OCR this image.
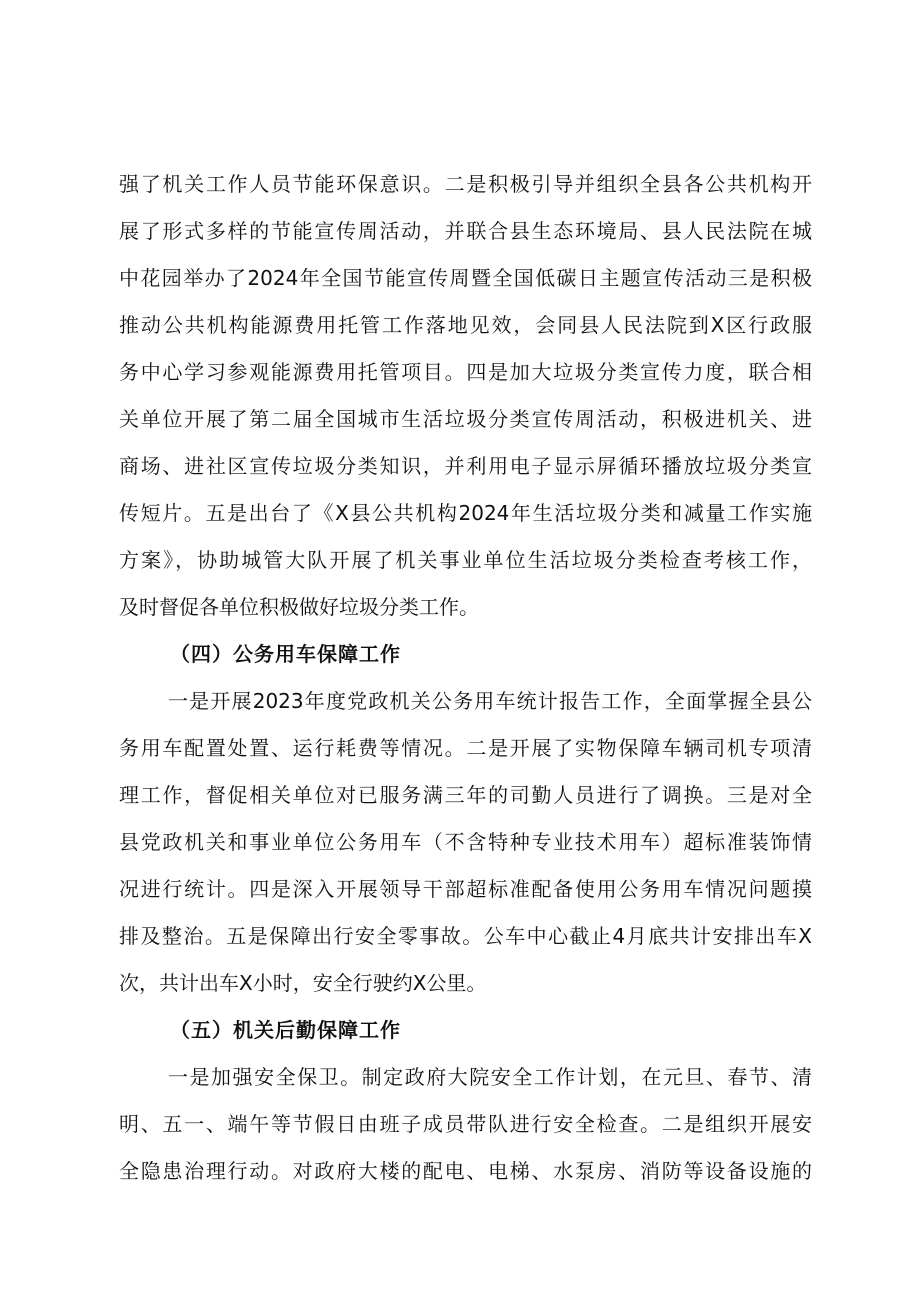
强了机关工作人员节能环保意识。二是积极引导并组织全县各公共机构开
展了形式多样的节能宣传周活动，并联合县生态环境局、县人民法院在城
中花园举办了2024年全国节能宣传周暨全国低碳日主题宣传活动三是积极
推动公共机构能源费用托管工作落地见效，会同县人民法院到X区行政服
务中心学习参观能源费用托管项目。四是加大垃圾分类宣传力度，联合相
关单位开展了第二届全国城市生活垃圾分类宣传周活动，积极进机关、进
商场、进社区宣传垃圾分类知识，并利用电子显示屏循环播放垃圾分类宣
传短片。五是出台了《X县公共机构2024年生活垃圾分类和减量工作实施
方案》，协助城管大队开展了机关事业单位生活垃圾分类检查考核工作，
及时督促各单位积极做好垃圾分类工作。
（四）公务用车保障工作
一是开展2023年度党政机关公务用车统计报告工作，全面掌握全县公
务用车配置处置、运行耗费等情况。二是开展了实物保障车辆司机专项清
理工作，督促相关单位对已服务满三年的司勤人员进行了调换。三是对全
县党政机关和事业单位公务用车（不含特种专业技术用车）超标准装饰情
况进行统计。四是深入开展领导干部超标准配备使用公务用车情况问题摸
排及整治。五是保障出行安全零事故。公车中心截止4月底共计安排出车X
次，共计出车X小时，安全行驶约X公里。
（五）机关后勤保障工作
一是加强安全保卫。制定政府大院安全工作计划，在元旦、春节、清
明、五一、端午等节假日由班子成员带队进行安全检查。二是组织开展安
全隐患治理行动。对政府大楼的配电、电梯、水泵房、消防等设备设施的
